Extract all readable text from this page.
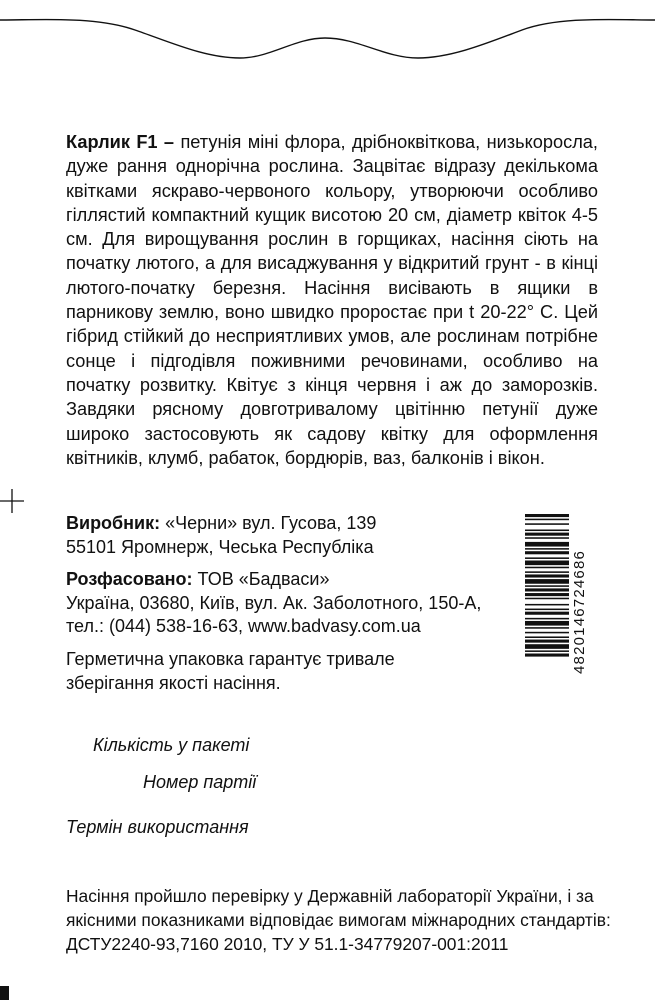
Карлик F1 – петунія міні флора, дрібноквіткова, низькоросла, дуже рання однорічна рослина. Зацвітає відразу декількома квітками яскраво-червоного кольору, утворюючи особливо гіллястий компактний кущик висотою 20 см, діаметр квіток 4-5 см. Для вирощування рослин в горщиках, насіння сіють на початку лютого, а для висаджування у відкритий грунт - в кінці лютого-початку березня. Насіння висівають в ящики в парникову землю, воно швидко проростає при t 20-22° C. Цей гібрид стійкий до несприятливих умов, але рослинам потрібне сонце і підгодівля поживними речовинами, особливо на початку розвитку. Квітує з кінця червня і аж до заморозків. Завдяки рясному довготривалому цвітінню петунії дуже широко застосовують як садову квітку для оформлення квітників, клумб, рабаток, бордюрів, ваз, балконів і вікон.

Виробник: «Черни» вул. Гусова, 139
55101 Яромнерж, Чеська Республіка
Розфасовано: ТОВ «Бадваси»
Україна, 03680, Київ, вул. Ак. Заболотного, 150-А,
тел.: (044) 538-16-63, www.badvasy.com.ua
Герметична упаковка гарантує тривале
зберігання якості насіння.
Кількість у пакеті
Номер партії
Термін використання
Насіння пройшло перевірку у Державній лабораторії України, і за
якісними показниками відповідає вимогам міжнародних стандартів:
ДСТУ2240-93,7160 2010, ТУ У 51.1-34779207-001:2011
4820146724686
